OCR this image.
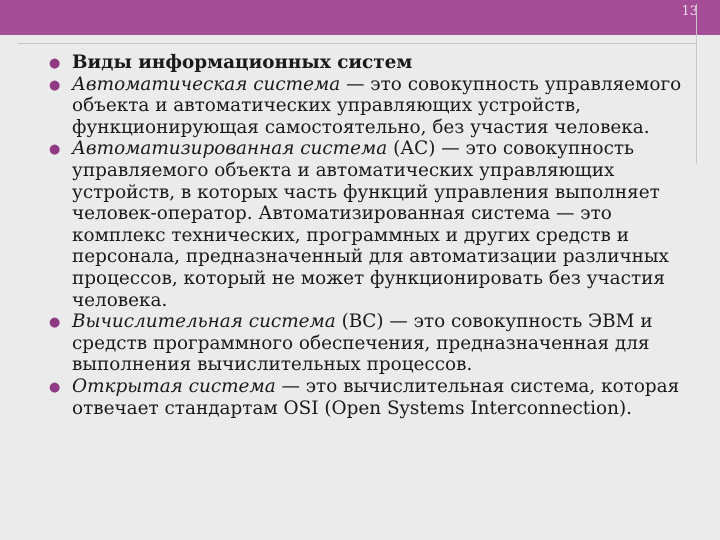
13
● Виды информационных систем
● Автоматическая система — это совокупность управляемого объекта и автоматических управляющих устройств, функционирующая самостоятельно, без участия человека.
● Автоматизированная система (АС) — это совокупность управляемого объекта и автоматических управляющих устройств, в которых часть функций управления выполняет человек-оператор. Автоматизированная система — это комплекс технических, программных и других средств и персонала, предназначенный для автоматизации различных процессов, который не может функционировать без участия человека.
● Вычислительная система (ВС) — это совокупность ЭВМ и средств программного обеспечения, предназначенная для выполнения вычислительных процессов.
● Открытая система — это вычислительная система, которая отвечает стандартам OSI (Open Systems Interconnection).
